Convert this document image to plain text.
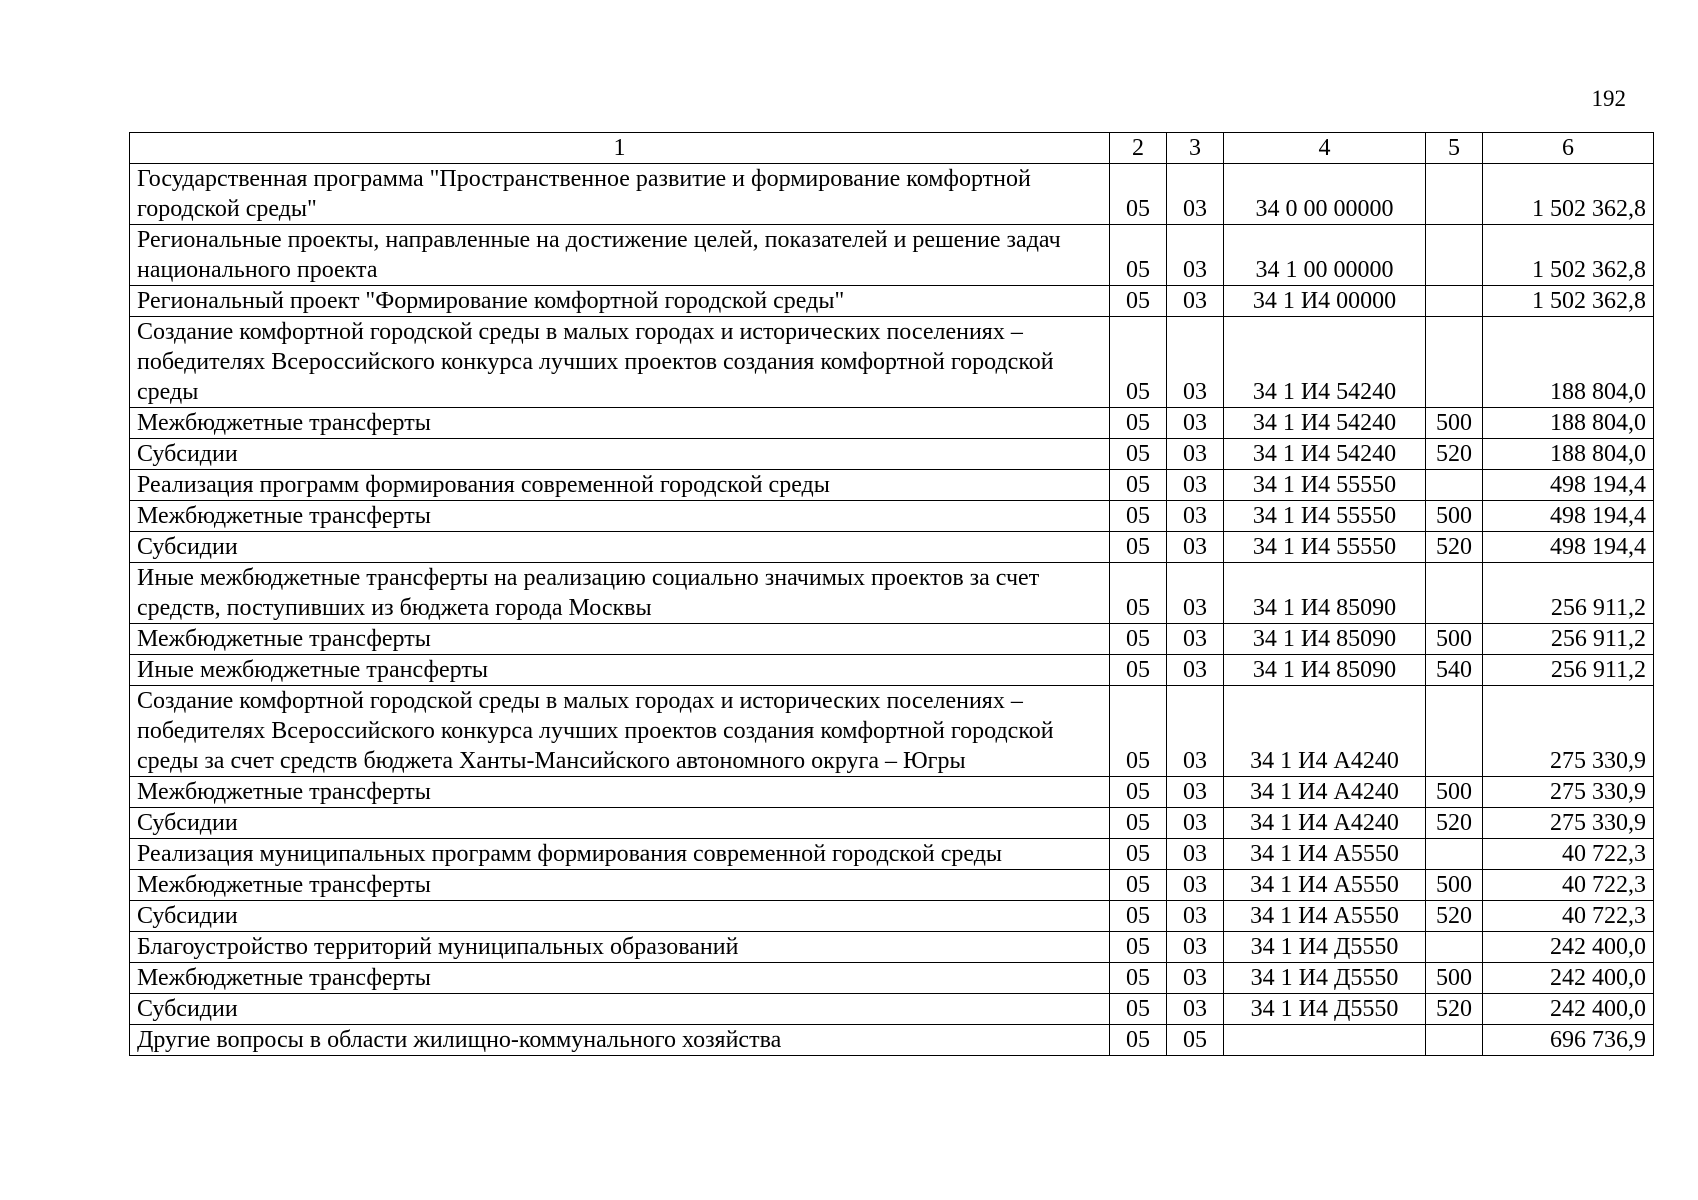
192
1	2	3	4	5	6
Государственная программа "Пространственное развитие и формирование комфортной городской среды"	05	03	34 0 00 00000		1 502 362,8
Региональные проекты, направленные на достижение целей, показателей и решение задач национального проекта	05	03	34 1 00 00000		1 502 362,8
Региональный проект "Формирование комфортной городской среды"	05	03	34 1 И4 00000		1 502 362,8
Создание комфортной городской среды в малых городах и исторических поселениях – победителях Всероссийского конкурса лучших проектов создания комфортной городской среды	05	03	34 1 И4 54240		188 804,0
Межбюджетные трансферты	05	03	34 1 И4 54240	500	188 804,0
Субсидии	05	03	34 1 И4 54240	520	188 804,0
Реализация программ формирования современной городской среды	05	03	34 1 И4 55550		498 194,4
Межбюджетные трансферты	05	03	34 1 И4 55550	500	498 194,4
Субсидии	05	03	34 1 И4 55550	520	498 194,4
Иные межбюджетные трансферты на реализацию социально значимых проектов за счет средств, поступивших из бюджета города Москвы	05	03	34 1 И4 85090		256 911,2
Межбюджетные трансферты	05	03	34 1 И4 85090	500	256 911,2
Иные межбюджетные трансферты	05	03	34 1 И4 85090	540	256 911,2
Создание комфортной городской среды в малых городах и исторических поселениях – победителях Всероссийского конкурса лучших проектов создания комфортной городской среды за счет средств бюджета Ханты-Мансийского автономного округа – Югры	05	03	34 1 И4 А4240		275 330,9
Межбюджетные трансферты	05	03	34 1 И4 А4240	500	275 330,9
Субсидии	05	03	34 1 И4 А4240	520	275 330,9
Реализация муниципальных программ формирования современной городской среды	05	03	34 1 И4 А5550		40 722,3
Межбюджетные трансферты	05	03	34 1 И4 А5550	500	40 722,3
Субсидии	05	03	34 1 И4 А5550	520	40 722,3
Благоустройство территорий муниципальных образований	05	03	34 1 И4 Д5550		242 400,0
Межбюджетные трансферты	05	03	34 1 И4 Д5550	500	242 400,0
Субсидии	05	03	34 1 И4 Д5550	520	242 400,0
Другие вопросы в области жилищно-коммунального хозяйства	05	05			696 736,9
